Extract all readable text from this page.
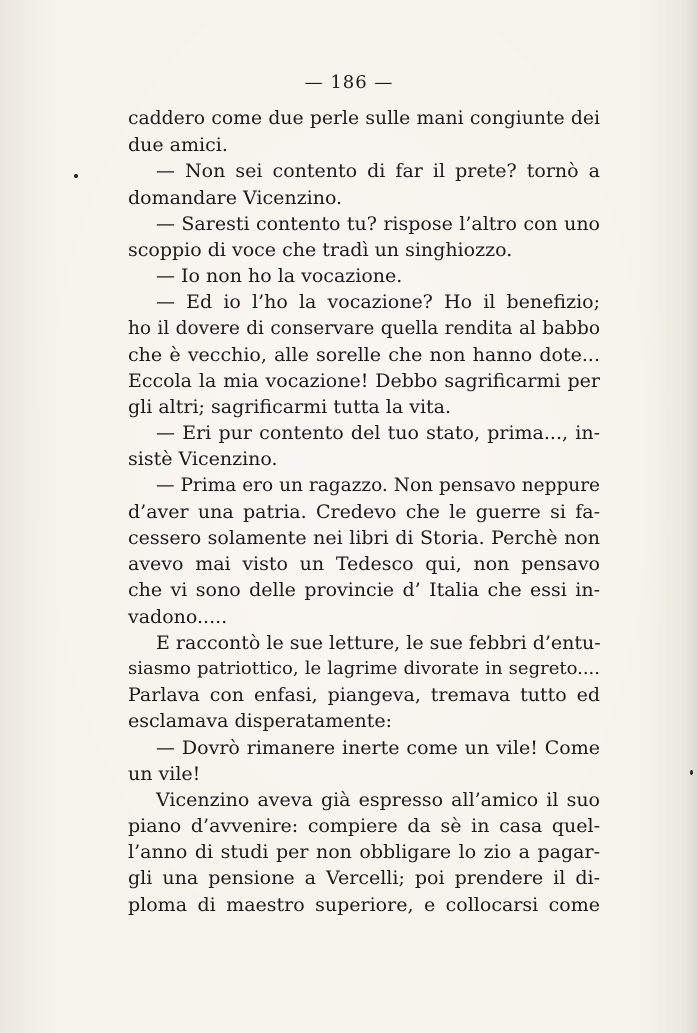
— 186 —
caddero come due perle sulle mani congiunte dei
due amici.
— Non sei contento di far il prete? tornò a
domandare Vicenzino.
— Saresti contento tu? rispose l’altro con uno
scoppio di voce che tradì un singhiozzo.
— Io non ho la vocazione.
— Ed io l’ho la vocazione? Ho il benefizio;
ho il dovere di conservare quella rendita al babbo
che è vecchio, alle sorelle che non hanno dote...
Eccola la mia vocazione! Debbo sagrificarmi per
gli altri; sagrificarmi tutta la vita.
— Eri pur contento del tuo stato, prima..., in-
sistè Vicenzino.
— Prima ero un ragazzo. Non pensavo neppure
d’aver una patria. Credevo che le guerre si fa-
cessero solamente nei libri di Storia. Perchè non
avevo mai visto un Tedesco qui, non pensavo
che vi sono delle provincie d’ Italia che essi in-
vadono.....
E raccontò le sue letture, le sue febbri d’entu-
siasmo patriottico, le lagrime divorate in segreto....
Parlava con enfasi, piangeva, tremava tutto ed
esclamava disperatamente:
— Dovrò rimanere inerte come un vile! Come
un vile!
Vicenzino aveva già espresso all’amico il suo
piano d’avvenire: compiere da sè in casa quel-
l’anno di studi per non obbligare lo zio a pagar-
gli una pensione a Vercelli; poi prendere il di-
ploma di maestro superiore, e collocarsi come
